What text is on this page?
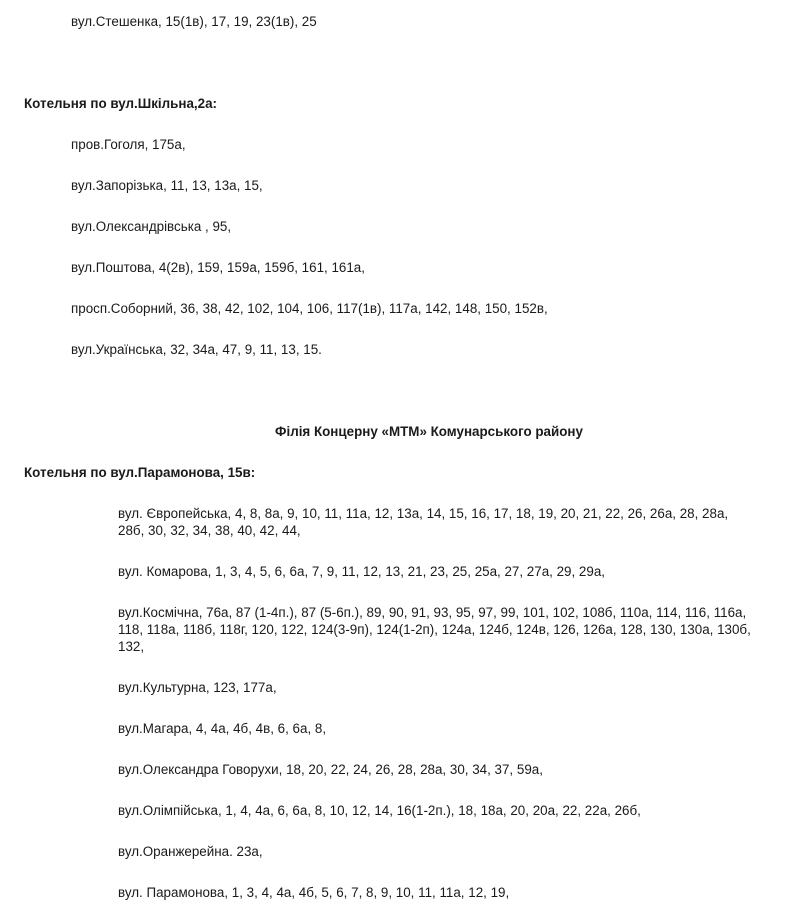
вул.Стешенка, 15(1в), 17, 19, 23(1в), 25
Котельня по вул.Шкільна,2а:
пров.Гоголя, 175а,
вул.Запорізька, 11, 13, 13а, 15,
вул.Олександрівська , 95,
вул.Поштова, 4(2в), 159, 159а, 159б, 161, 161а,
просп.Соборний, 36, 38, 42, 102, 104, 106, 117(1в), 117а, 142, 148, 150, 152в,
вул.Українська, 32, 34а, 47, 9, 11, 13, 15.
Філія Концерну «МТМ» Комунарського району
Котельня по вул.Парамонова, 15в:
вул. Європейська, 4, 8, 8а, 9, 10, 11, 11а, 12, 13а, 14, 15, 16, 17, 18, 19, 20, 21, 22, 26, 26а, 28, 28а, 28б, 30, 32, 34, 38, 40, 42, 44,
вул. Комарова, 1, 3, 4, 5, 6, 6а, 7, 9, 11, 12, 13, 21, 23, 25, 25а, 27, 27а, 29, 29а,
вул.Космічна, 76а, 87 (1-4п.), 87 (5-6п.), 89, 90, 91, 93, 95, 97, 99, 101, 102, 108б, 110а, 114, 116, 116а, 118, 118а, 118б, 118г, 120, 122, 124(3-9п), 124(1-2п), 124а, 124б, 124в, 126, 126а, 128, 130, 130а, 130б, 132,
вул.Культурна, 123, 177а,
вул.Магара, 4, 4а, 4б, 4в, 6, 6а, 8,
вул.Олександра Говорухи, 18, 20, 22, 24, 26, 28, 28а, 30, 34, 37, 59а,
вул.Олімпійська, 1, 4, 4а, 6, 6а, 8, 10, 12, 14, 16(1-2п.), 18, 18а, 20, 20а, 22, 22а, 26б,
вул.Оранжерейна. 23а,
вул. Парамонова, 1, 3, 4, 4а, 4б, 5, 6, 7, 8, 9, 10, 11, 11а, 12, 19,
